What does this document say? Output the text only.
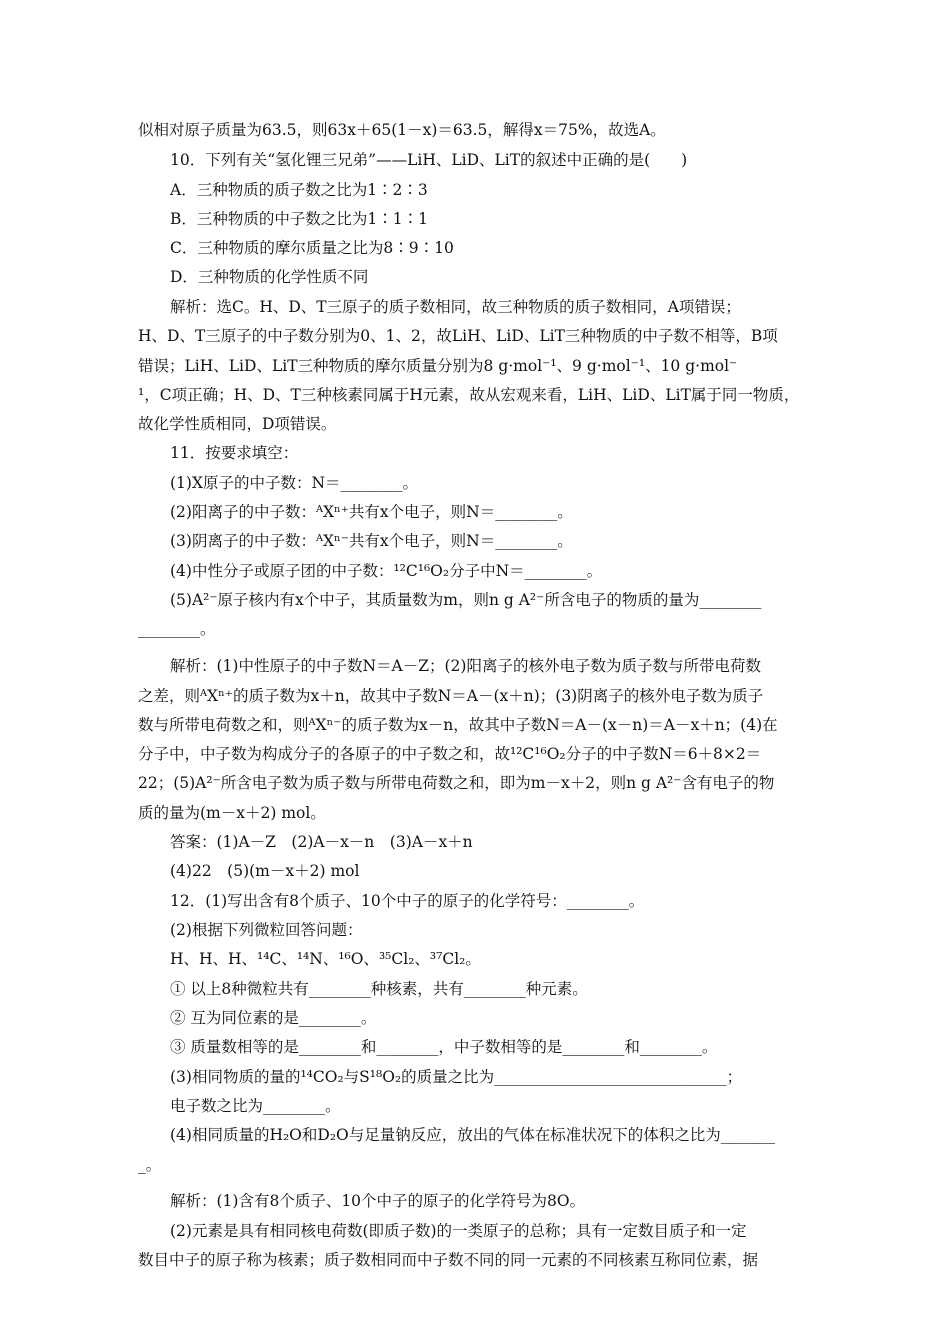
似相对原子质量为63.5，则63x＋65(1－x)＝63.5，解得x＝75%，故选A。
10．下列有关“氢化锂三兄弟”——LiH、LiD、LiT的叙述中正确的是(　　)
A．三种物质的质子数之比为1∶2∶3
B．三种物质的中子数之比为1∶1∶1
C．三种物质的摩尔质量之比为8∶9∶10
D．三种物质的化学性质不同
解析：选C。H、D、T三原子的质子数相同，故三种物质的质子数相同，A项错误；
H、D、T三原子的中子数分别为0、1、2，故LiH、LiD、LiT三种物质的中子数不相等，B项
错误；LiH、LiD、LiT三种物质的摩尔质量分别为8 g·mol⁻¹、9 g·mol⁻¹、10 g·mol⁻
¹，C项正确；H、D、T三种核素同属于H元素，故从宏观来看，LiH、LiD、LiT属于同一物质，
故化学性质相同，D项错误。
11．按要求填空：
(1)X原子的中子数：N＝________。
(2)阳离子的中子数：ᴬXⁿ⁺共有x个电子，则N＝________。
(3)阴离子的中子数：ᴬXⁿ⁻共有x个电子，则N＝________。
(4)中性分子或原子团的中子数：¹²C¹⁶O₂分子中N＝________。
(5)A²⁻原子核内有x个中子，其质量数为m，则n g A²⁻所含电子的物质的量为________
________。
解析：(1)中性原子的中子数N＝A－Z；(2)阳离子的核外电子数为质子数与所带电荷数
之差，则ᴬXⁿ⁺的质子数为x＋n，故其中子数N＝A－(x＋n)；(3)阴离子的核外电子数为质子
数与所带电荷数之和，则ᴬXⁿ⁻的质子数为x－n，故其中子数N＝A－(x－n)＝A－x＋n；(4)在
分子中，中子数为构成分子的各原子的中子数之和，故¹²C¹⁶O₂分子的中子数N＝6＋8×2＝
22；(5)A²⁻所含电子数为质子数与所带电荷数之和，即为m－x＋2，则n g A²⁻含有电子的物
质的量为(m－x＋2) mol。
答案：(1)A－Z　(2)A－x－n　(3)A－x＋n
(4)22　(5)(m－x＋2) mol
12．(1)写出含有8个质子、10个中子的原子的化学符号：________。
(2)根据下列微粒回答问题：
H、H、H、¹⁴C、¹⁴N、¹⁶O、³⁵Cl₂、³⁷Cl₂。
① 以上8种微粒共有________种核素，共有________种元素。
② 互为同位素的是________。
③ 质量数相等的是________和________，中子数相等的是________和________。
(3)相同物质的量的¹⁴CO₂与S¹⁸O₂的质量之比为______________________________；
电子数之比为________。
(4)相同质量的H₂O和D₂O与足量钠反应，放出的气体在标准状况下的体积之比为_______
_。
解析：(1)含有8个质子、10个中子的原子的化学符号为8O。
(2)元素是具有相同核电荷数(即质子数)的一类原子的总称；具有一定数目质子和一定
数目中子的原子称为核素；质子数相同而中子数不同的同一元素的不同核素互称同位素，据
